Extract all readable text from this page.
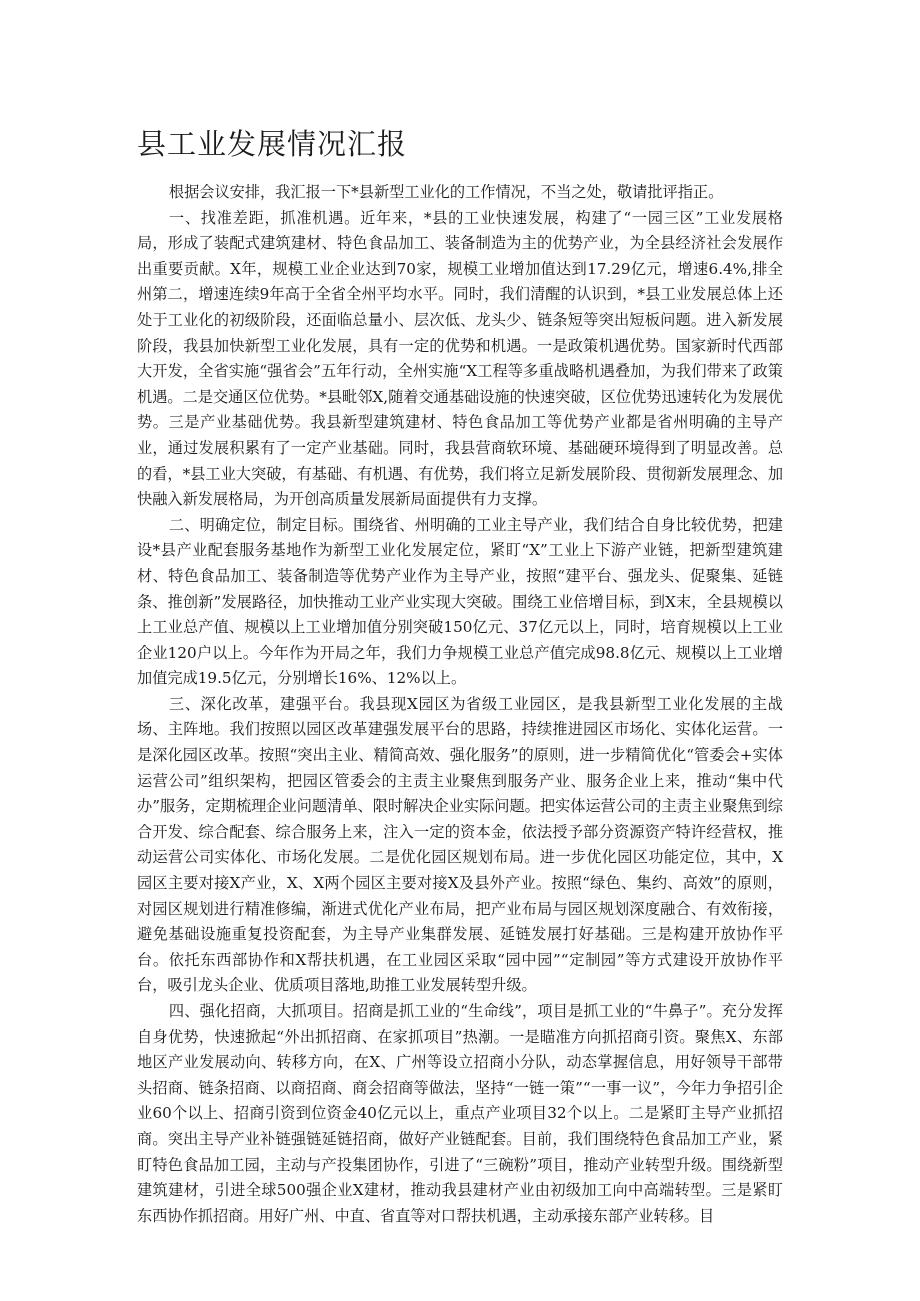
县工业发展情况汇报

根据会议安排，我汇报一下*县新型工业化的工作情况，不当之处，敬请批评指正。

一、找准差距，抓准机遇。近年来，*县的工业快速发展，构建了“一园三区”工业发展格局，形成了装配式建筑建材、特色食品加工、装备制造为主的优势产业，为全县经济社会发展作出重要贡献。X年，规模工业企业达到70家，规模工业增加值达到17.29亿元，增速6.4%,排全州第二，增速连续9年高于全省全州平均水平。同时，我们清醒的认识到，*县工业发展总体上还处于工业化的初级阶段，还面临总量小、层次低、龙头少、链条短等突出短板问题。进入新发展阶段，我县加快新型工业化发展，具有一定的优势和机遇。一是政策机遇优势。国家新时代西部大开发，全省实施“强省会”五年行动，全州实施“X工程等多重战略机遇叠加，为我们带来了政策机遇。二是交通区位优势。*县毗邻X,随着交通基础设施的快速突破，区位优势迅速转化为发展优势。三是产业基础优势。我县新型建筑建材、特色食品加工等优势产业都是省州明确的主导产业，通过发展积累有了一定产业基础。同时，我县营商软环境、基础硬环境得到了明显改善。总的看，*县工业大突破，有基础、有机遇、有优势，我们将立足新发展阶段、贯彻新发展理念、加快融入新发展格局，为开创高质量发展新局面提供有力支撑。

二、明确定位，制定目标。围绕省、州明确的工业主导产业，我们结合自身比较优势，把建设*县产业配套服务基地作为新型工业化发展定位，紧盯“X”工业上下游产业链，把新型建筑建材、特色食品加工、装备制造等优势产业作为主导产业，按照“建平台、强龙头、促聚集、延链条、推创新”发展路径，加快推动工业产业实现大突破。围绕工业倍增目标，到X末，全县规模以上工业总产值、规模以上工业增加值分别突破150亿元、37亿元以上，同时，培育规模以上工业企业120户以上。今年作为开局之年，我们力争规模工业总产值完成98.8亿元、规模以上工业增加值完成19.5亿元，分别增长16%、12%以上。

三、深化改革，建强平台。我县现X园区为省级工业园区，是我县新型工业化发展的主战场、主阵地。我们按照以园区改革建强发展平台的思路，持续推进园区市场化、实体化运营。一是深化园区改革。按照“突出主业、精简高效、强化服务”的原则，进一步精简优化“管委会+实体运营公司”组织架构，把园区管委会的主责主业聚焦到服务产业、服务企业上来，推动“集中代办”服务，定期梳理企业问题清单、限时解决企业实际问题。把实体运营公司的主责主业聚焦到综合开发、综合配套、综合服务上来，注入一定的资本金，依法授予部分资源资产特许经营权，推动运营公司实体化、市场化发展。二是优化园区规划布局。进一步优化园区功能定位，其中，X园区主要对接X产业，X、X两个园区主要对接X及县外产业。按照“绿色、集约、高效”的原则，对园区规划进行精准修编，渐进式优化产业布局，把产业布局与园区规划深度融合、有效衔接，避免基础设施重复投资配套，为主导产业集群发展、延链发展打好基础。三是构建开放协作平台。依托东西部协作和X帮扶机遇，在工业园区采取“园中园”“定制园”等方式建设开放协作平台，吸引龙头企业、优质项目落地,助推工业发展转型升级。

四、强化招商，大抓项目。招商是抓工业的“生命线”，项目是抓工业的“牛鼻子”。充分发挥自身优势，快速掀起“外出抓招商、在家抓项目”热潮。一是瞄准方向抓招商引资。聚焦X、东部地区产业发展动向、转移方向，在X、广州等设立招商小分队，动态掌握信息，用好领导干部带头招商、链条招商、以商招商、商会招商等做法，坚持“一链一策”“一事一议”，今年力争招引企业60个以上、招商引资到位资金40亿元以上，重点产业项目32个以上。二是紧盯主导产业抓招商。突出主导产业补链强链延链招商，做好产业链配套。目前，我们围绕特色食品加工产业，紧盯特色食品加工园，主动与产投集团协作，引进了“三碗粉”项目，推动产业转型升级。围绕新型建筑建材，引进全球500强企业X建材，推动我县建材产业由初级加工向中高端转型。三是紧盯东西协作抓招商。用好广州、中直、省直等对口帮扶机遇，主动承接东部产业转移。目
